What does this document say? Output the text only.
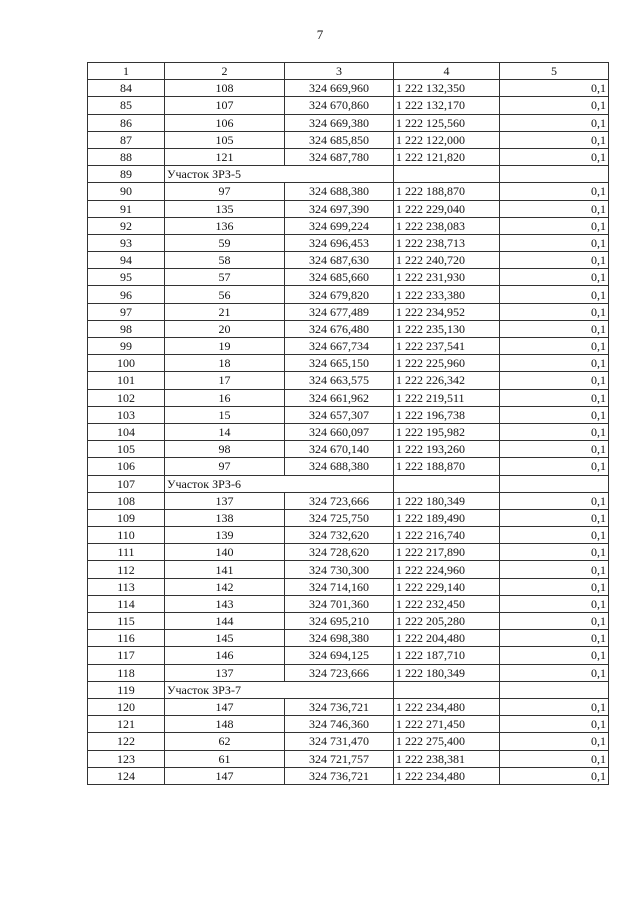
7
1	2	3	4	5
84	108	324 669,960	1 222 132,350	0,1
85	107	324 670,860	1 222 132,170	0,1
86	106	324 669,380	1 222 125,560	0,1
87	105	324 685,850	1 222 122,000	0,1
88	121	324 687,780	1 222 121,820	0,1
89	Участок ЗРЗ-5			
90	97	324 688,380	1 222 188,870	0,1
91	135	324 697,390	1 222 229,040	0,1
92	136	324 699,224	1 222 238,083	0,1
93	59	324 696,453	1 222 238,713	0,1
94	58	324 687,630	1 222 240,720	0,1
95	57	324 685,660	1 222 231,930	0,1
96	56	324 679,820	1 222 233,380	0,1
97	21	324 677,489	1 222 234,952	0,1
98	20	324 676,480	1 222 235,130	0,1
99	19	324 667,734	1 222 237,541	0,1
100	18	324 665,150	1 222 225,960	0,1
101	17	324 663,575	1 222 226,342	0,1
102	16	324 661,962	1 222 219,511	0,1
103	15	324 657,307	1 222 196,738	0,1
104	14	324 660,097	1 222 195,982	0,1
105	98	324 670,140	1 222 193,260	0,1
106	97	324 688,380	1 222 188,870	0,1
107	Участок ЗРЗ-6			
108	137	324 723,666	1 222 180,349	0,1
109	138	324 725,750	1 222 189,490	0,1
110	139	324 732,620	1 222 216,740	0,1
111	140	324 728,620	1 222 217,890	0,1
112	141	324 730,300	1 222 224,960	0,1
113	142	324 714,160	1 222 229,140	0,1
114	143	324 701,360	1 222 232,450	0,1
115	144	324 695,210	1 222 205,280	0,1
116	145	324 698,380	1 222 204,480	0,1
117	146	324 694,125	1 222 187,710	0,1
118	137	324 723,666	1 222 180,349	0,1
119	Участок ЗРЗ-7			
120	147	324 736,721	1 222 234,480	0,1
121	148	324 746,360	1 222 271,450	0,1
122	62	324 731,470	1 222 275,400	0,1
123	61	324 721,757	1 222 238,381	0,1
124	147	324 736,721	1 222 234,480	0,1
